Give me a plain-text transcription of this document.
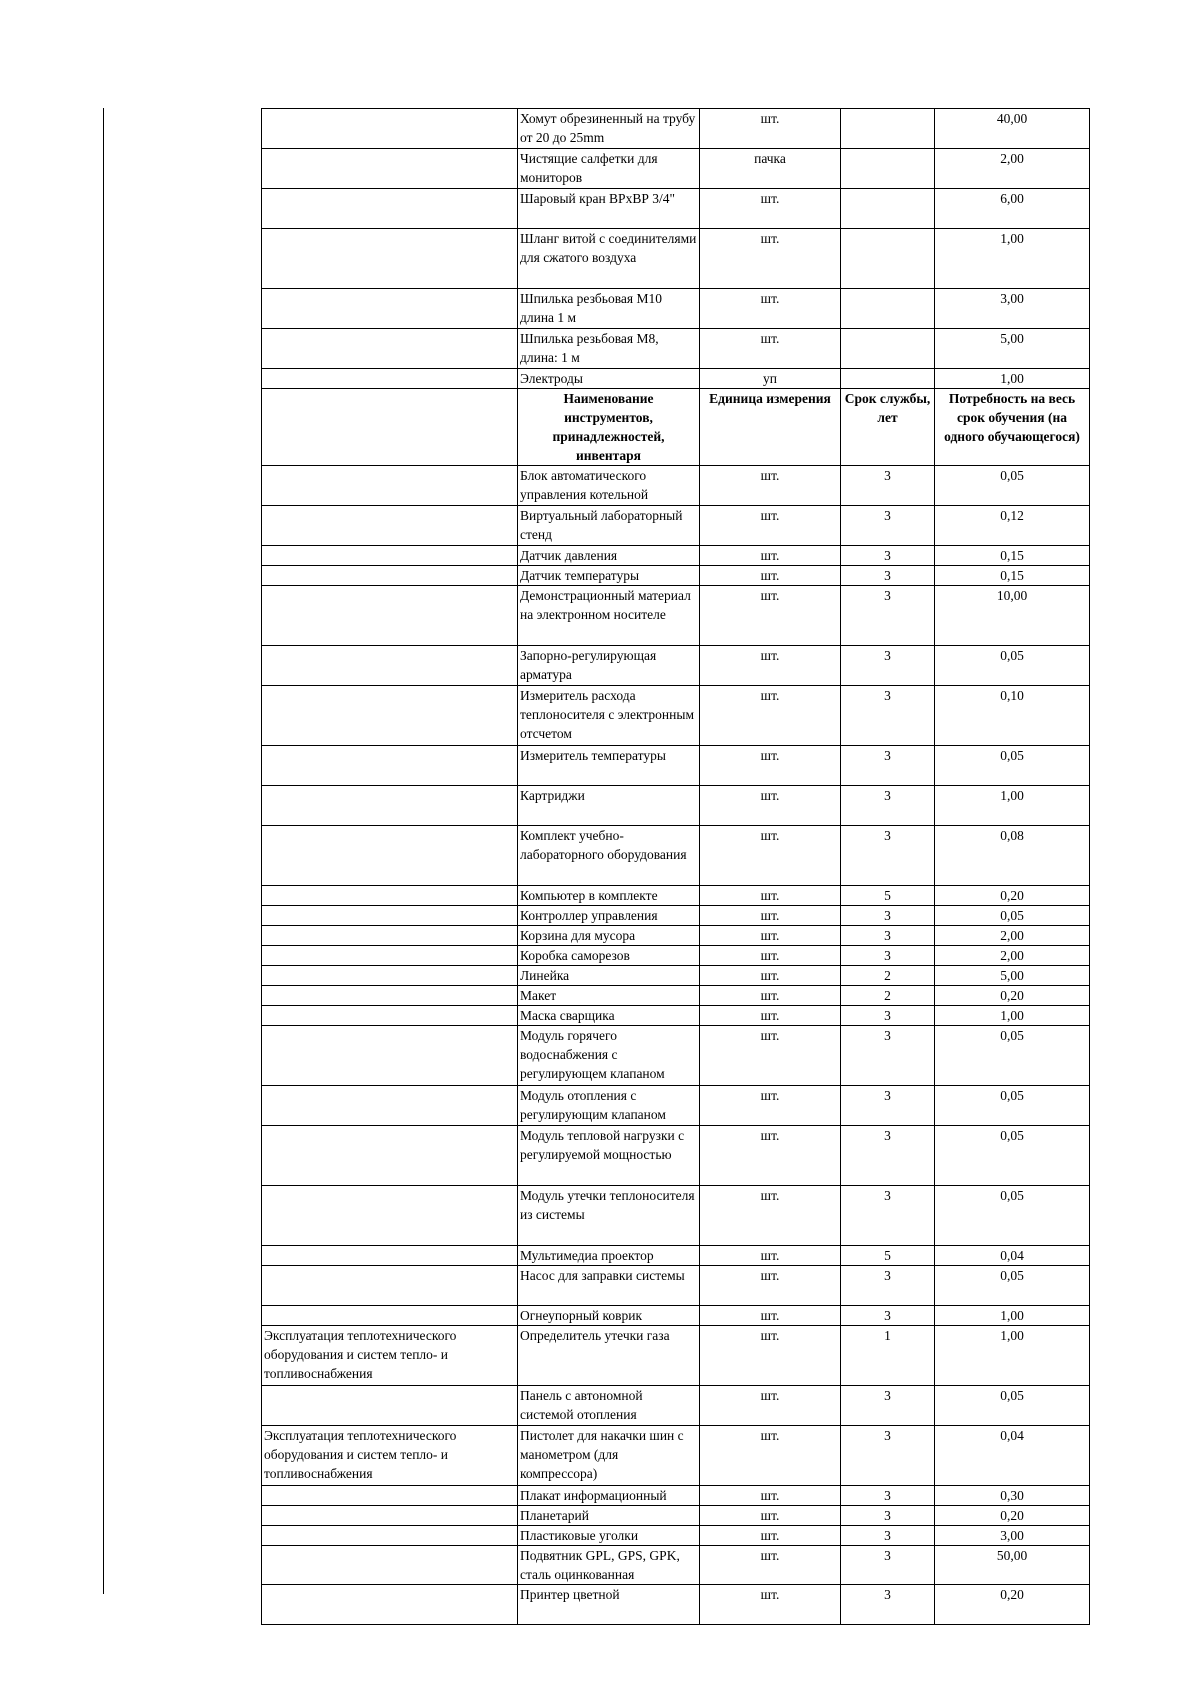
	Хомут обрезиненный на трубу от 20 до 25mm	шт.		40,00
	Чистящие салфетки для мониторов	пачка		2,00
	Шаровый кран ВРхВР 3/4"	шт.		6,00
	Шланг витой с соединителями для сжатого воздуха	шт.		1,00
	Шпилька резбьовая М10 длина 1 м	шт.		3,00
	Шпилька резьбовая М8, длина: 1 м	шт.		5,00
	Электроды	уп		1,00
	Наименование инструментов, принадлежностей, инвентаря	Единица измерения	Срок службы, лет	Потребность на весь срок обучения (на одного обучающегося)
	Блок автоматического управления котельной	шт.	3	0,05
	Виртуальный лабораторный стенд	шт.	3	0,12
	Датчик давления	шт.	3	0,15
	Датчик температуры	шт.	3	0,15
	Демонстрационный материал на электронном носителе	шт.	3	10,00
	Запорно-регулирующая арматура	шт.	3	0,05
	Измеритель расхода теплоносителя с электронным отсчетом	шт.	3	0,10
	Измеритель температуры	шт.	3	0,05
	Картриджи	шт.	3	1,00
	Комплект учебно-лабораторного оборудования	шт.	3	0,08
	Компьютер в комплекте	шт.	5	0,20
	Контроллер управления	шт.	3	0,05
	Корзина для мусора	шт.	3	2,00
	Коробка саморезов	шт.	3	2,00
	Линейка	шт.	2	5,00
	Макет	шт.	2	0,20
	Маска сварщика	шт.	3	1,00
	Модуль горячего водоснабжения с регулирующем клапаном	шт.	3	0,05
	Модуль отопления с регулирующим клапаном	шт.	3	0,05
	Модуль тепловой нагрузки с регулируемой мощностью	шт.	3	0,05
	Модуль утечки теплоносителя из системы	шт.	3	0,05
	Мультимедиа проектор	шт.	5	0,04
	Насос для заправки системы	шт.	3	0,05
	Огнеупорный коврик	шт.	3	1,00
Эксплуатация теплотехнического оборудования и систем тепло- и топливоснабжения	Определитель утечки газа	шт.	1	1,00
	Панель с автономной системой отопления	шт.	3	0,05
Эксплуатация теплотехнического оборудования и систем тепло- и топливоснабжения	Пистолет для накачки шин с манометром (для компрессора)	шт.	3	0,04
	Плакат информационный	шт.	3	0,30
	Планетарий	шт.	3	0,20
	Пластиковые уголки	шт.	3	3,00
	Подвятник GPL, GPS, GPK, сталь оцинкованная	шт.	3	50,00
	Принтер цветной	шт.	3	0,20
